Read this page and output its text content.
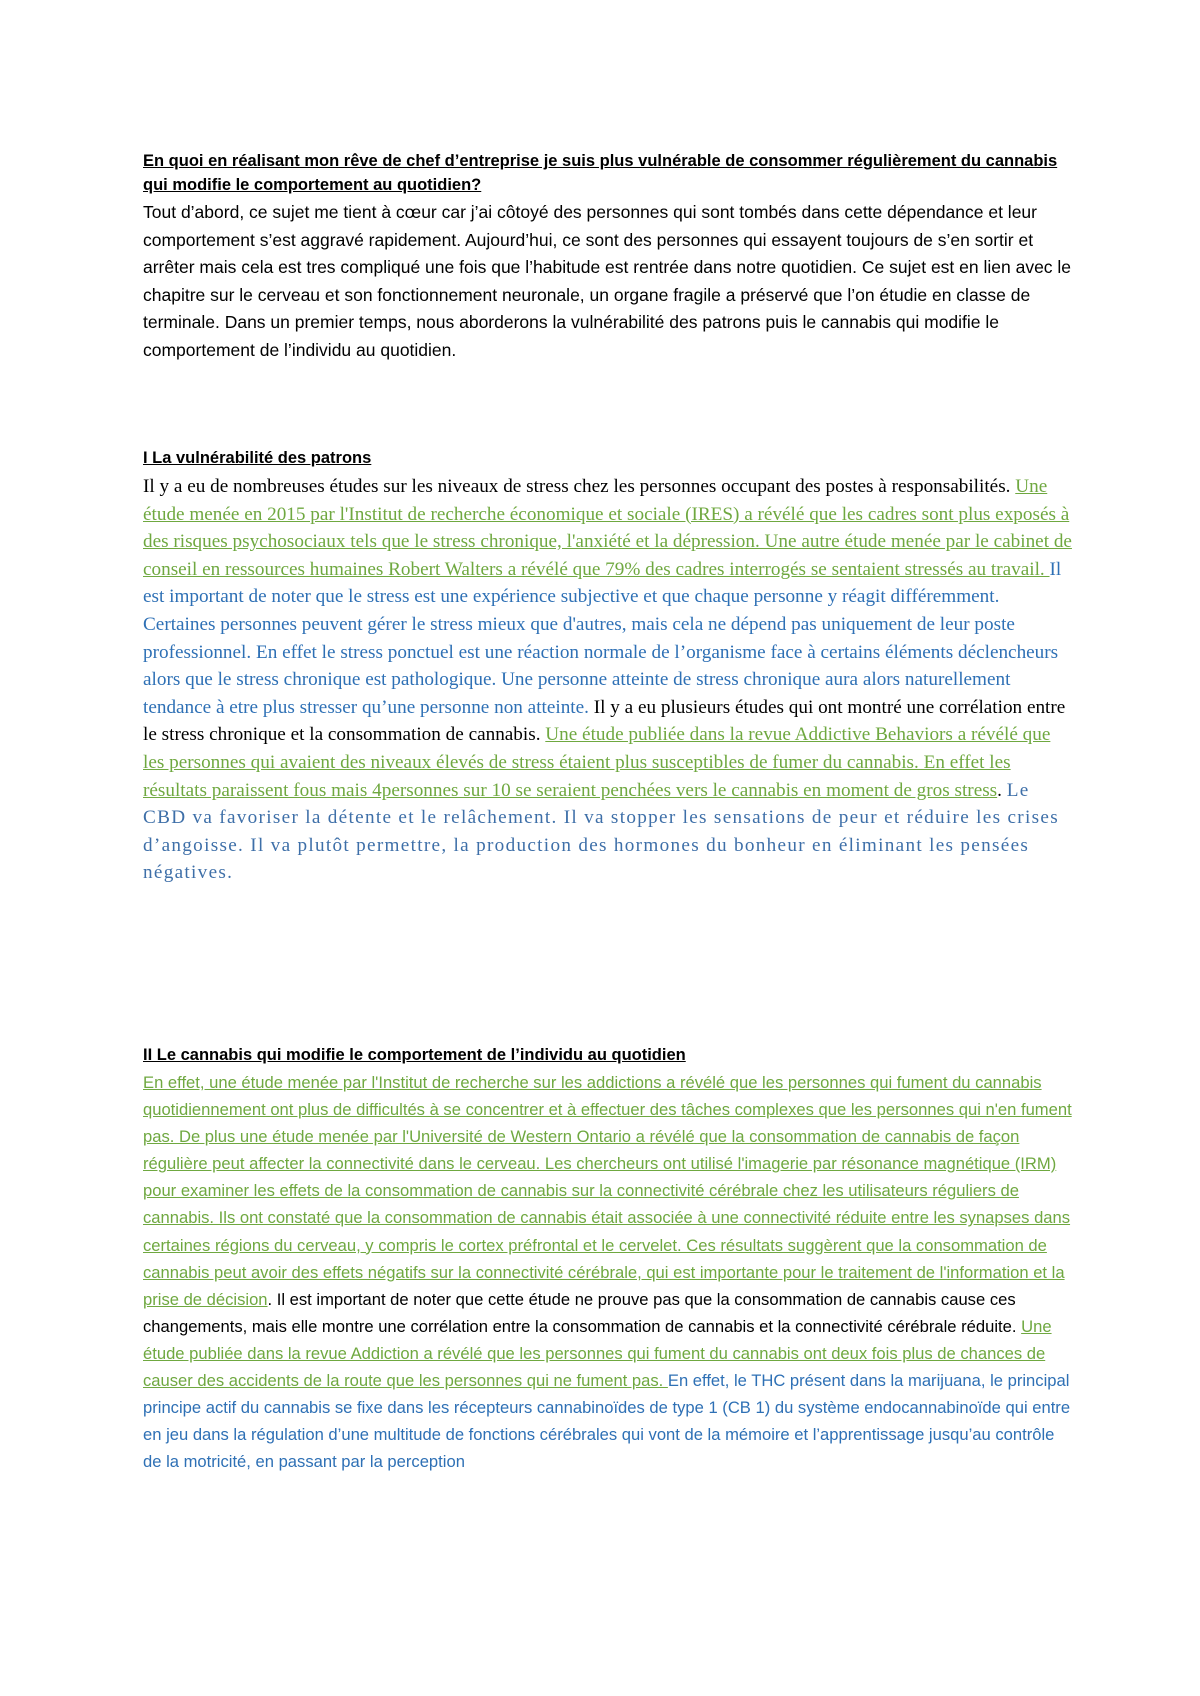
En quoi en réalisant mon rêve de chef d’entreprise je suis plus vulnérable de consommer régulièrement du cannabis qui modifie le comportement au quotidien?

Tout d’abord, ce sujet me tient à cœur car j’ai côtoyé des personnes qui sont tombés dans cette dépendance et leur comportement s’est aggravé rapidement. Aujourd’hui, ce sont des personnes qui essayent toujours de s’en sortir et arrêter mais cela est tres compliqué une fois que l’habitude est rentrée dans notre quotidien. Ce sujet est en lien avec le chapitre sur le cerveau et son fonctionnement neuronale, un organe fragile a préservé que l’on étudie en classe de terminale. Dans un premier temps, nous aborderons la vulnérabilité des patrons puis le cannabis qui modifie le comportement de l’individu au quotidien.

I La vulnérabilité des patrons

Il y a eu de nombreuses études sur les niveaux de stress chez les personnes occupant des postes à responsabilités. Une étude menée en 2015 par l'Institut de recherche économique et sociale (IRES) a révélé que les cadres sont plus exposés à des risques psychosociaux tels que le stress chronique, l'anxiété et la dépression. Une autre étude menée par le cabinet de conseil en ressources humaines Robert Walters a révélé que 79% des cadres interrogés se sentaient stressés au travail. Il est important de noter que le stress est une expérience subjective et que chaque personne y réagit différemment. Certaines personnes peuvent gérer le stress mieux que d'autres, mais cela ne dépend pas uniquement de leur poste professionnel. En effet le stress ponctuel est une réaction normale de l’organisme face à certains éléments déclencheurs alors que le stress chronique est pathologique. Une personne atteinte de stress chronique aura alors naturellement tendance à etre plus stresser qu’une personne non atteinte. Il y a eu plusieurs études qui ont montré une corrélation entre le stress chronique et la consommation de cannabis. Une étude publiée dans la revue Addictive Behaviors a révélé que les personnes qui avaient des niveaux élevés de stress étaient plus susceptibles de fumer du cannabis. En effet les résultats paraissent fous mais 4personnes sur 10 se seraient penchées vers le cannabis en moment de gros stress. Le CBD va favoriser la détente et le relâchement. Il va stopper les sensations de peur et réduire les crises d’angoisse. Il va plutôt permettre, la production des hormones du bonheur en éliminant les pensées négatives.

II Le cannabis qui modifie le comportement de l’individu au quotidien

En effet, une étude menée par l'Institut de recherche sur les addictions a révélé que les personnes qui fument du cannabis quotidiennement ont plus de difficultés à se concentrer et à effectuer des tâches complexes que les personnes qui n'en fument pas. De plus une étude menée par l'Université de Western Ontario a révélé que la consommation de cannabis de façon régulière peut affecter la connectivité dans le cerveau. Les chercheurs ont utilisé l'imagerie par résonance magnétique (IRM) pour examiner les effets de la consommation de cannabis sur la connectivité cérébrale chez les utilisateurs réguliers de cannabis. Ils ont constaté que la consommation de cannabis était associée à une connectivité réduite entre les synapses dans certaines régions du cerveau, y compris le cortex préfrontal et le cervelet. Ces résultats suggèrent que la consommation de cannabis peut avoir des effets négatifs sur la connectivité cérébrale, qui est importante pour le traitement de l'information et la prise de décision. Il est important de noter que cette étude ne prouve pas que la consommation de cannabis cause ces changements, mais elle montre une corrélation entre la consommation de cannabis et la connectivité cérébrale réduite. Une étude publiée dans la revue Addiction a révélé que les personnes qui fument du cannabis ont deux fois plus de chances de causer des accidents de la route que les personnes qui ne fument pas. En effet, le THC présent dans la marijuana, le principal principe actif du cannabis se fixe dans les récepteurs cannabinoïdes de type 1 (CB 1) du système endocannabinoïde qui entre en jeu dans la régulation d’une multitude de fonctions cérébrales qui vont de la mémoire et l’apprentissage jusqu’au contrôle de la motricité, en passant par la perception
